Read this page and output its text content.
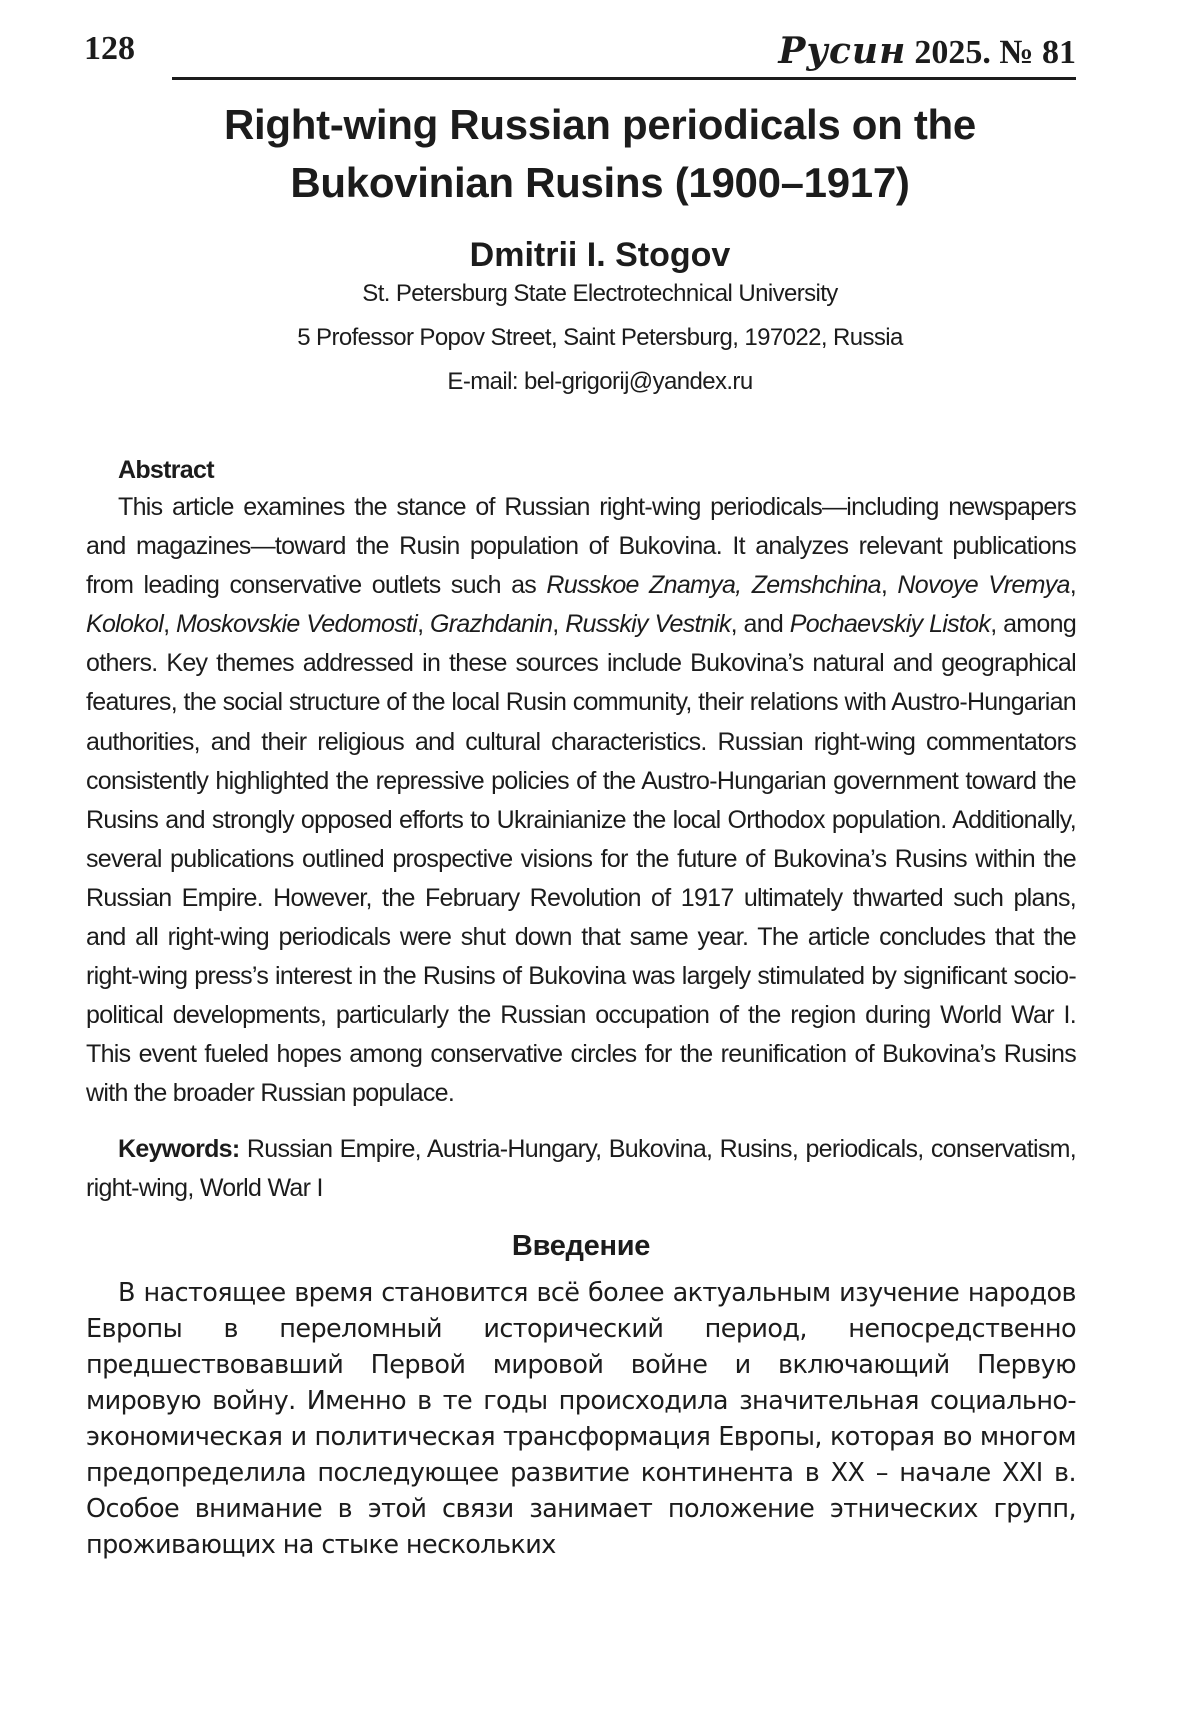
128	Русин 2025. № 81
Right-wing Russian periodicals on the
Bukovinian Rusins (1900–1917)

Dmitrii I. Stogov

St. Petersburg State Electrotechnical University

5 Professor Popov Street, Saint Petersburg, 197022, Russia

E-mail: bel-grigorij@yandex.ru

Abstract

This article examines the stance of Russian right-wing periodicals—including newspapers and magazines—toward the Rusin population of Bukovina. It analyzes relevant publications from leading conservative outlets such as Russkoe Znamya, Zemshchina, Novoye Vremya, Kolokol, Moskovskie Vedomosti, Grazhdanin, Russkiy Vestnik, and Pochaevskiy Listok, among others. Key themes addressed in these sources include Bukovina’s natural and geographical features, the social structure of the local Rusin community, their relations with Austro-Hungarian authorities, and their religious and cultural characteristics. Russian right-wing commentators consistently highlighted the repressive policies of the Austro-Hungarian government toward the Rusins and strongly opposed efforts to Ukrainianize the local Orthodox population. Additionally, several publications outlined prospective visions for the future of Bukovina’s Rusins within the Russian Empire. However, the February Revolution of 1917 ultimately thwarted such plans, and all right-wing periodicals were shut down that same year. The article concludes that the right-wing press’s interest in the Rusins of Bukovina was largely stimulated by significant socio-political developments, particularly the Russian occupation of the region during World War I. This event fueled hopes among conservative circles for the reunification of Bukovina’s Rusins with the broader Russian populace.

Keywords: Russian Empire, Austria-Hungary, Bukovina, Rusins, periodicals, conservatism, right-wing, World War I

Введение

В настоящее время становится всё более актуальным изучение народов Европы в переломный исторический период, непосредственно предшествовавший Первой мировой войне и включающий Первую мировую войну. Именно в те годы происходила значительная социально-экономическая и политическая трансформация Европы, которая во многом предопределила последующее развитие континента в XX – начале XXI в. Особое внимание в этой связи занимает положение этнических групп, проживающих на стыке нескольких
